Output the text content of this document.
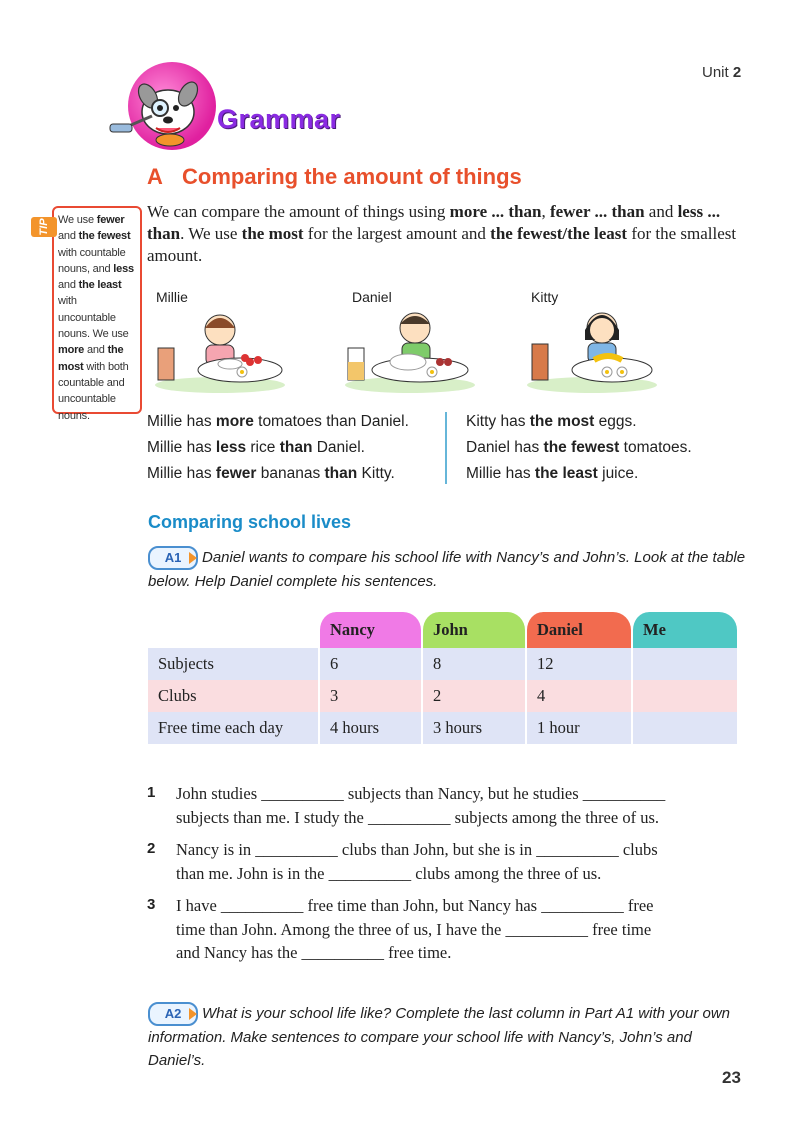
Unit 2
Grammar
A Comparing the amount of things
We can compare the amount of things using more ... than, fewer ... than and less ... than. We use the most for the largest amount and the fewest/the least for the smallest amount.
TIP We use fewer and the fewest with countable nouns, and less and the least with uncountable nouns. We use more and the most with both countable and uncountable nouns.
Millie	Daniel	Kitty
Millie has more tomatoes than Daniel.
Millie has less rice than Daniel.
Millie has fewer bananas than Kitty.
Kitty has the most eggs.
Daniel has the fewest tomatoes.
Millie has the least juice.
Comparing school lives
A1 Daniel wants to compare his school life with Nancy’s and John’s. Look at the table below. Help Daniel complete his sentences.
	Nancy	John	Daniel	Me
Subjects	6	8	12	
Clubs	3	2	4	
Free time each day	4 hours	3 hours	1 hour	
1	John studies __________ subjects than Nancy, but he studies __________
subjects than me. I study the __________ subjects among the three of us.
2	Nancy is in __________ clubs than John, but she is in __________ clubs
than me. John is in the __________ clubs among the three of us.
3	I have __________ free time than John, but Nancy has __________ free
time than John. Among the three of us, I have the __________ free time
and Nancy has the __________ free time.
A2 What is your school life like? Complete the last column in Part A1 with your own information. Make sentences to compare your school life with Nancy’s, John’s and Daniel’s.
23
